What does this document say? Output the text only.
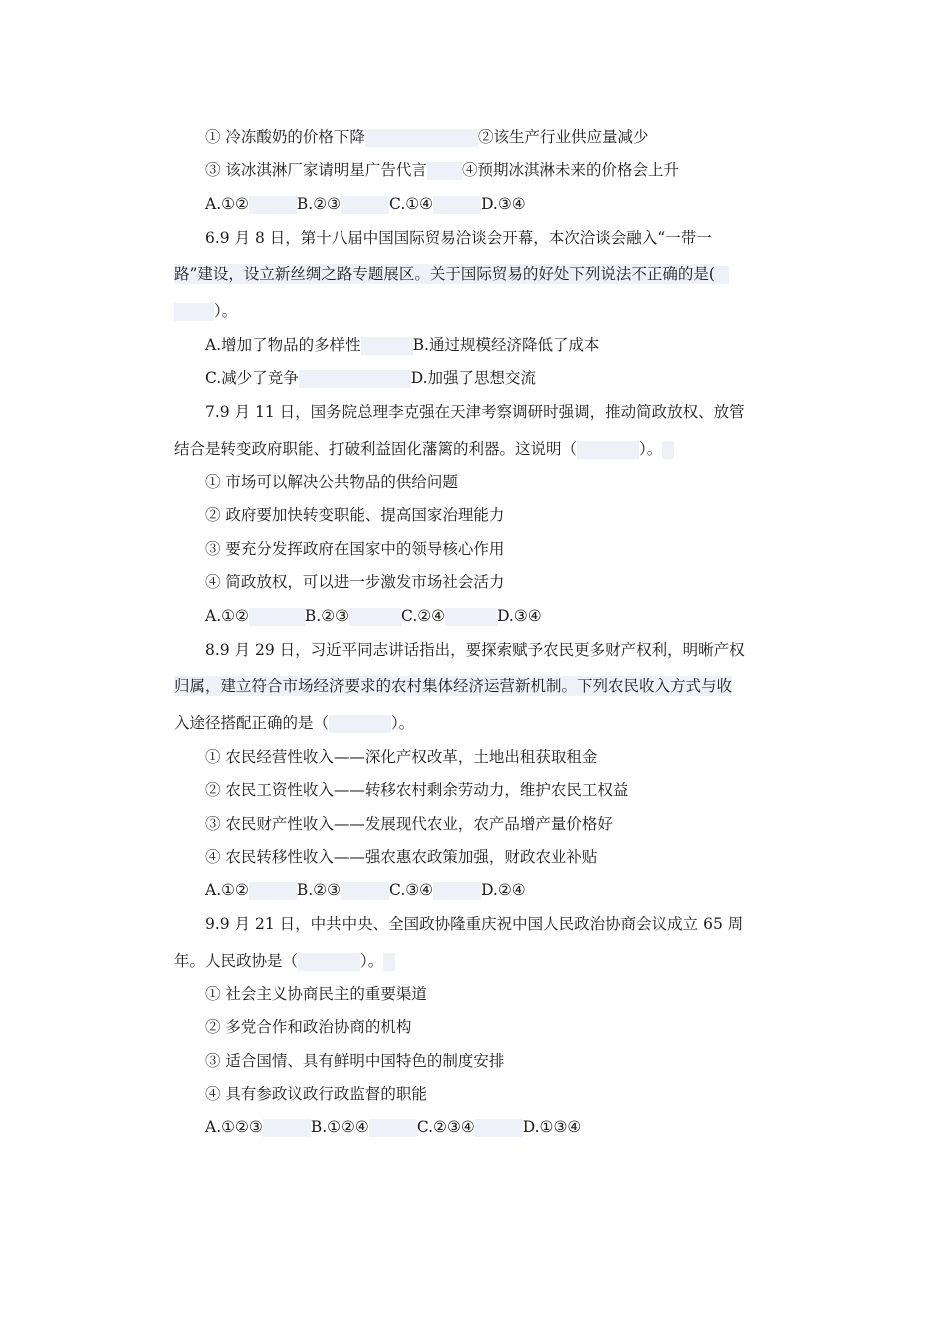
① 冷冻酸奶的价格下降	②该生产行业供应量减少
③ 该冰淇淋厂家请明星广告代言 ④预期冰淇淋未来的价格会上升
A.①②	B.②③	C.①④	D.③④
6.9 月 8 日，第十八届中国国际贸易洽谈会开幕，本次洽谈会融入“一带一
路”建设，设立新丝绸之路专题展区。关于国际贸易的好处下列说法不正确的是(
）。
A.增加了物品的多样性	B.通过规模经济降低了成本
C.减少了竞争	D.加强了思想交流
7.9 月 11 日，国务院总理李克强在天津考察调研时强调，推动简政放权、放管
结合是转变政府职能、打破利益固化藩篱的利器。这说明（	）。
① 市场可以解决公共物品的供给问题
② 政府要加快转变职能、提高国家治理能力
③ 要充分发挥政府在国家中的领导核心作用
④ 简政放权，可以进一步激发市场社会活力
A.①②	B.②③	C.②④	D.③④
8.9 月 29 日，习近平同志讲话指出，要探索赋予农民更多财产权利，明晰产权
归属，建立符合市场经济要求的农村集体经济运营新机制。下列农民收入方式与收
入途径搭配正确的是（	）。
① 农民经营性收入——深化产权改革，土地出租获取租金
② 农民工资性收入——转移农村剩余劳动力，维护农民工权益
③ 农民财产性收入——发展现代农业，农产品增产量价格好
④ 农民转移性收入——强农惠农政策加强，财政农业补贴
A.①②	B.②③	C.③④	D.②④
9.9 月 21 日，中共中央、全国政协隆重庆祝中国人民政治协商会议成立 65 周
年。人民政协是（	）。
① 社会主义协商民主的重要渠道
② 多党合作和政治协商的机构
③ 适合国情、具有鲜明中国特色的制度安排
④ 具有参政议政行政监督的职能
A.①②③	B.①②④	C.②③④	D.①③④
